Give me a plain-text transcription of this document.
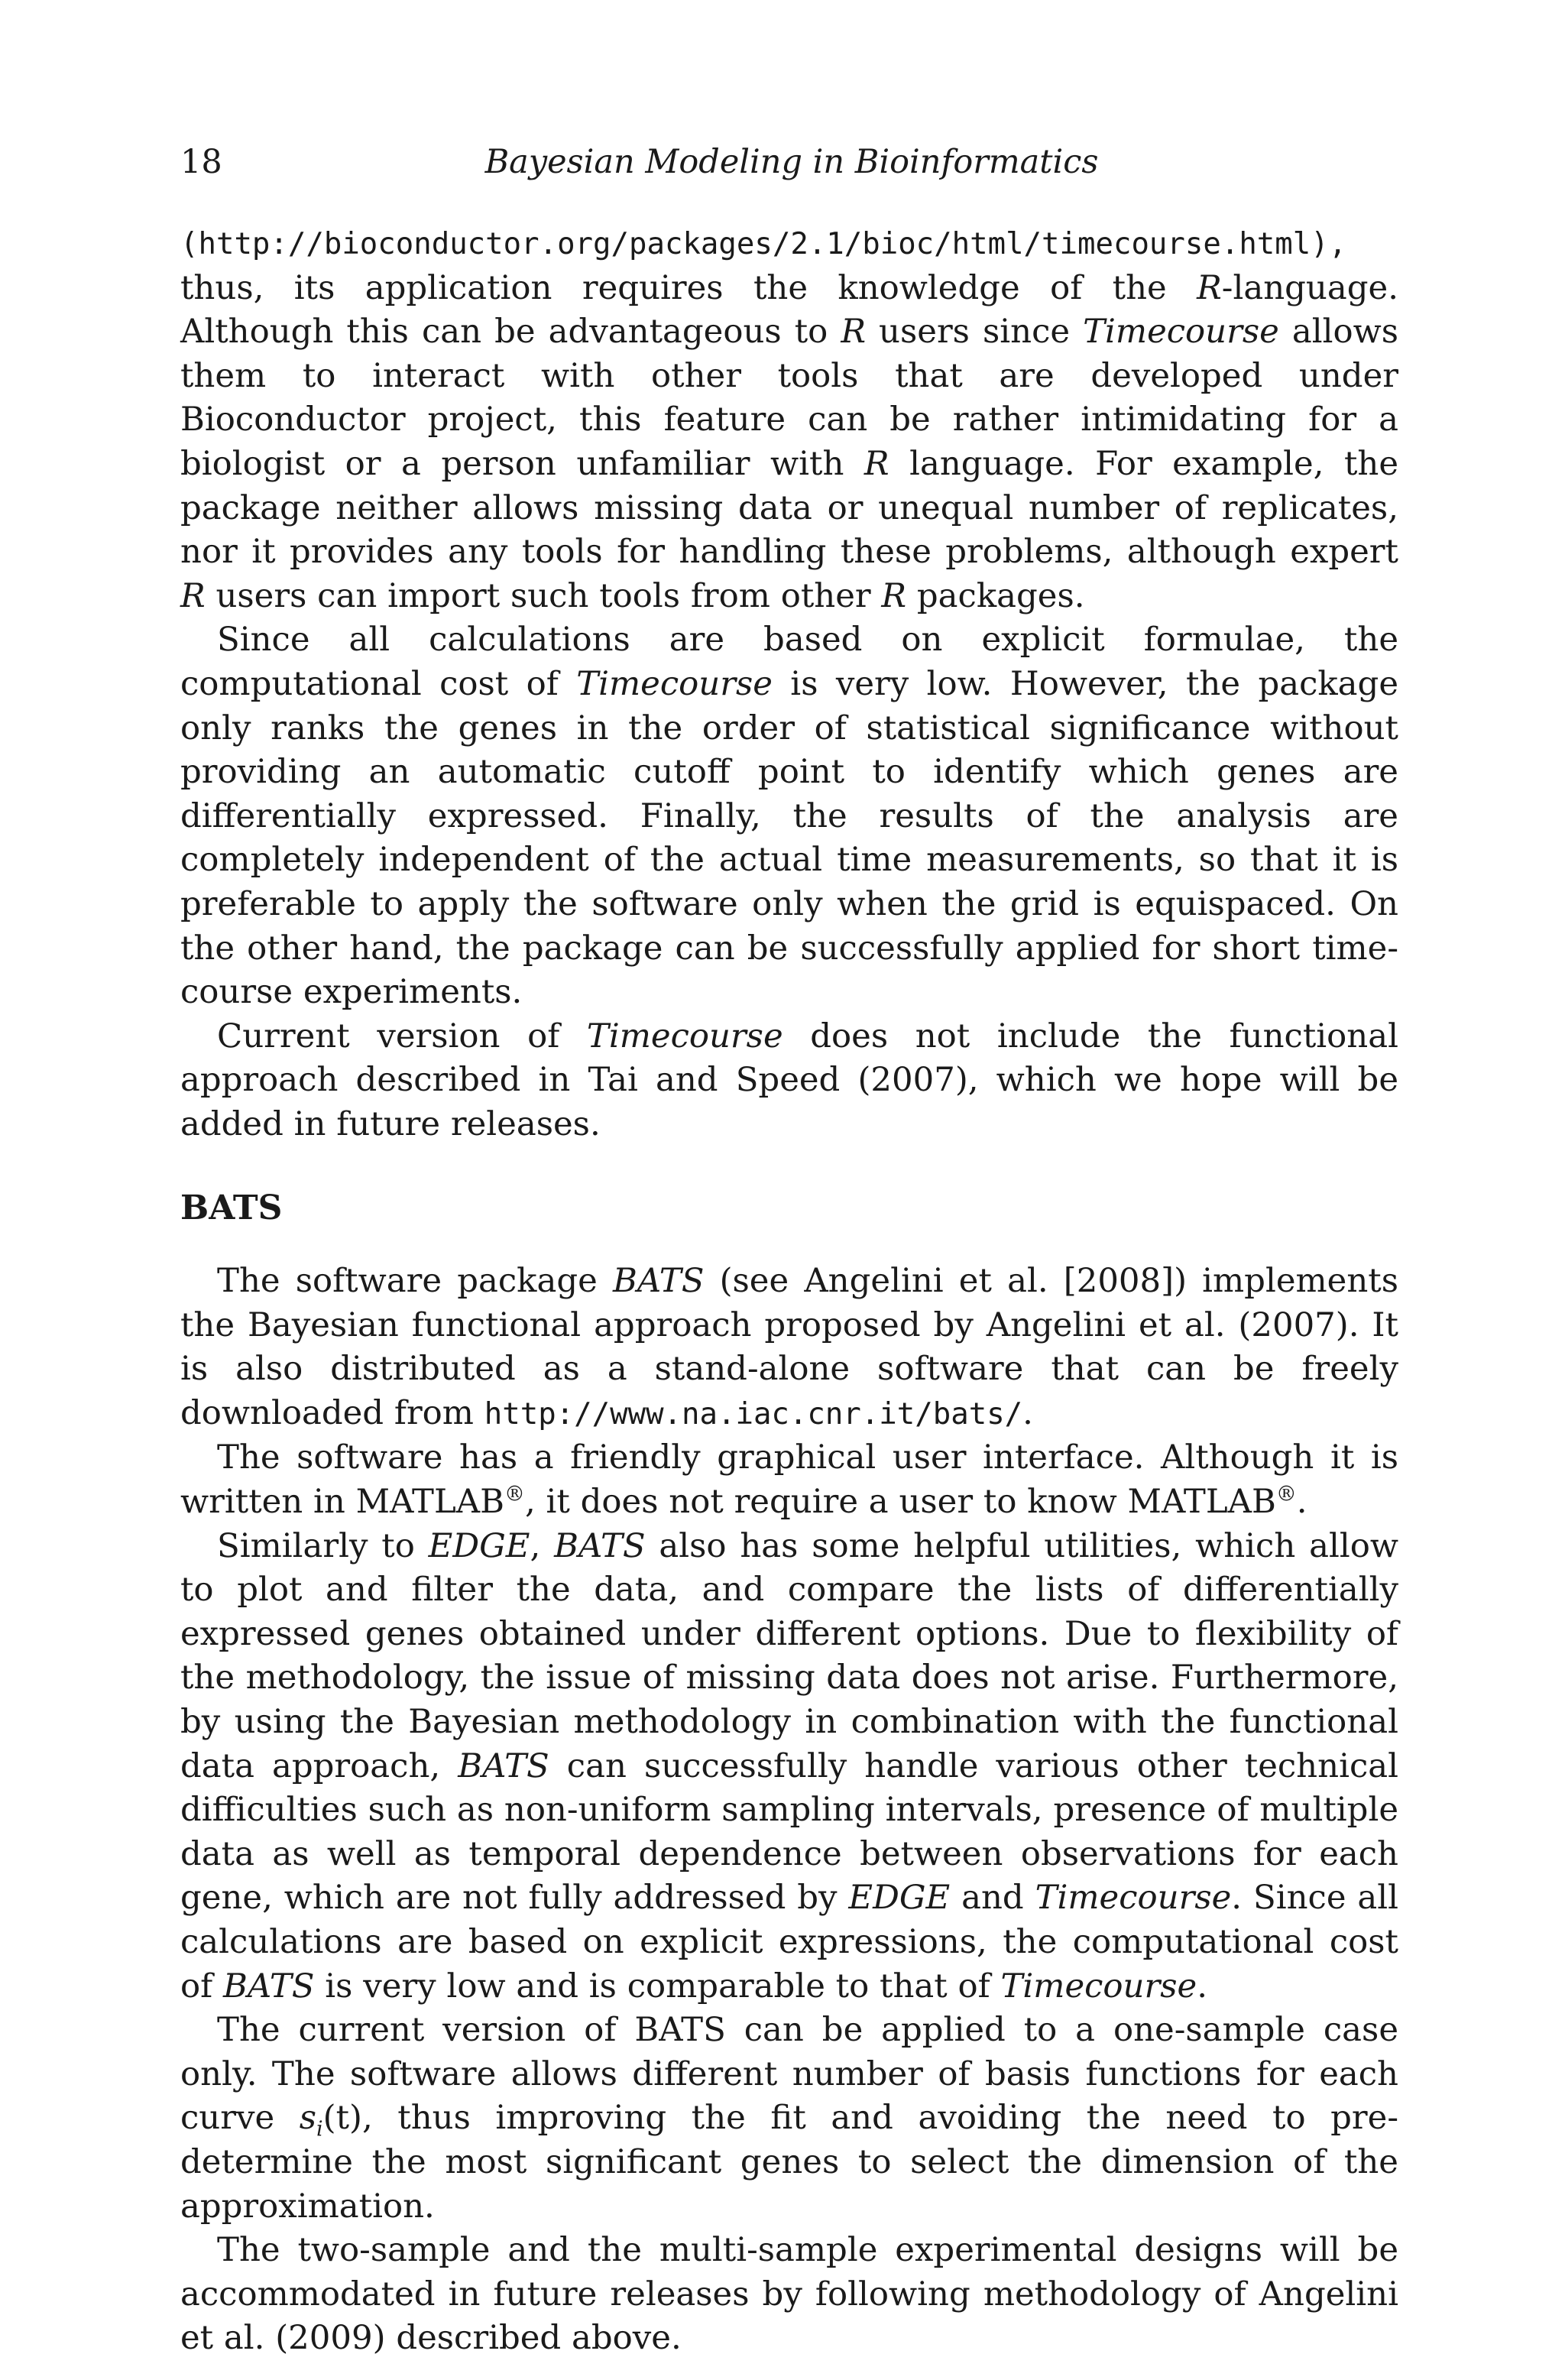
18	Bayesian Modeling in Bioinformatics

(http://bioconductor.org/packages/2.1/bioc/html/timecourse.html), thus, its application requires the knowledge of the R-language. Although this can be advantageous to R users since Timecourse allows them to interact with other tools that are developed under Bioconductor project, this feature can be rather intimidating for a biologist or a person unfamiliar with R language. For example, the package neither allows missing data or unequal number of replicates, nor it provides any tools for handling these problems, although expert R users can import such tools from other R packages.

Since all calculations are based on explicit formulae, the computational cost of Timecourse is very low. However, the package only ranks the genes in the order of statistical significance without providing an automatic cutoff point to identify which genes are differentially expressed. Finally, the results of the analysis are completely independent of the actual time measurements, so that it is preferable to apply the software only when the grid is equispaced. On the other hand, the package can be successfully applied for short time-course experiments.

Current version of Timecourse does not include the functional approach described in Tai and Speed (2007), which we hope will be added in future releases.

BATS

The software package BATS (see Angelini et al. [2008]) implements the Bayesian functional approach proposed by Angelini et al. (2007). It is also distributed as a stand-alone software that can be freely downloaded from http://www.na.iac.cnr.it/bats/.

The software has a friendly graphical user interface. Although it is written in MATLAB®, it does not require a user to know MATLAB®.

Similarly to EDGE, BATS also has some helpful utilities, which allow to plot and filter the data, and compare the lists of differentially expressed genes obtained under different options. Due to flexibility of the methodology, the issue of missing data does not arise. Furthermore, by using the Bayesian methodology in combination with the functional data approach, BATS can successfully handle various other technical difficulties such as non-uniform sampling intervals, presence of multiple data as well as temporal dependence between observations for each gene, which are not fully addressed by EDGE and Timecourse. Since all calculations are based on explicit expressions, the computational cost of BATS is very low and is comparable to that of Timecourse.

The current version of BATS can be applied to a one-sample case only. The software allows different number of basis functions for each curve $s_i(t)$, thus improving the fit and avoiding the need to pre-determine the most significant genes to select the dimension of the approximation.

The two-sample and the multi-sample experimental designs will be accommodated in future releases by following methodology of Angelini et al. (2009) described above.
